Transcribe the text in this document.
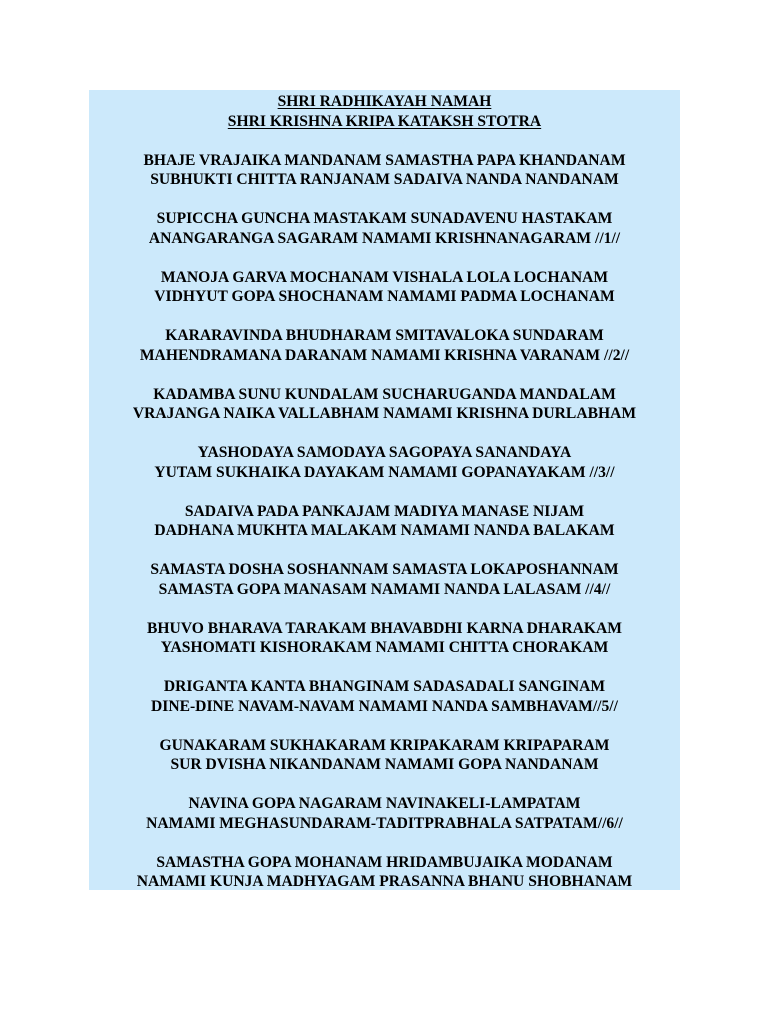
SHRI RADHIKAYAH NAMAH
SHRI KRISHNA KRIPA KATAKSH STOTRA
BHAJE VRAJAIKA MANDANAM SAMASTHA PAPA KHANDANAM
SUBHUKTI CHITTA RANJANAM SADAIVA NANDA NANDANAM
SUPICCHA GUNCHA MASTAKAM SUNADAVENU HASTAKAM
ANANGARANGA SAGARAM NAMAMI KRISHNANAGARAM //1//
MANOJA GARVA MOCHANAM VISHALA LOLA LOCHANAM
VIDHYUT GOPA SHOCHANAM NAMAMI PADMA LOCHANAM
KARARAVINDA BHUDHARAM SMITAVALOKA SUNDARAM
MAHENDRAMANA DARANAM NAMAMI KRISHNA VARANAM //2//
KADAMBA SUNU KUNDALAM SUCHARUGANDA MANDALAM
VRAJANGA NAIKA VALLABHAM NAMAMI KRISHNA DURLABHAM
YASHODAYA SAMODAYA SAGOPAYA SANANDAYA
YUTAM SUKHAIKA DAYAKAM NAMAMI GOPANAYAKAM //3//
SADAIVA PADA PANKAJAM MADIYA MANASE NIJAM
DADHANA MUKHTA MALAKAM NAMAMI NANDA BALAKAM
SAMASTA DOSHA SOSHANNAM SAMASTA LOKAPOSHANNAM
SAMASTA GOPA MANASAM NAMAMI NANDA LALASAM //4//
BHUVO BHARAVA TARAKAM BHAVABDHI KARNA DHARAKAM
YASHOMATI KISHORAKAM NAMAMI CHITTA CHORAKAM
DRIGANTA KANTA BHANGINAM SADASADALI SANGINAM
DINE-DINE NAVAM-NAVAM NAMAMI NANDA SAMBHAVAM//5//
GUNAKARAM SUKHAKARAM KRIPAKARAM KRIPAPARAM
SUR DVISHA NIKANDANAM NAMAMI GOPA NANDANAM
NAVINA GOPA NAGARAM NAVINAKELI-LAMPATAM
NAMAMI MEGHASUNDARAM-TADITPRABHALA SATPATAM//6//
SAMASTHA GOPA MOHANAM HRIDAMBUJAIKA MODANAM
NAMAMI KUNJA MADHYAGAM PRASANNA BHANU SHOBHANAM
